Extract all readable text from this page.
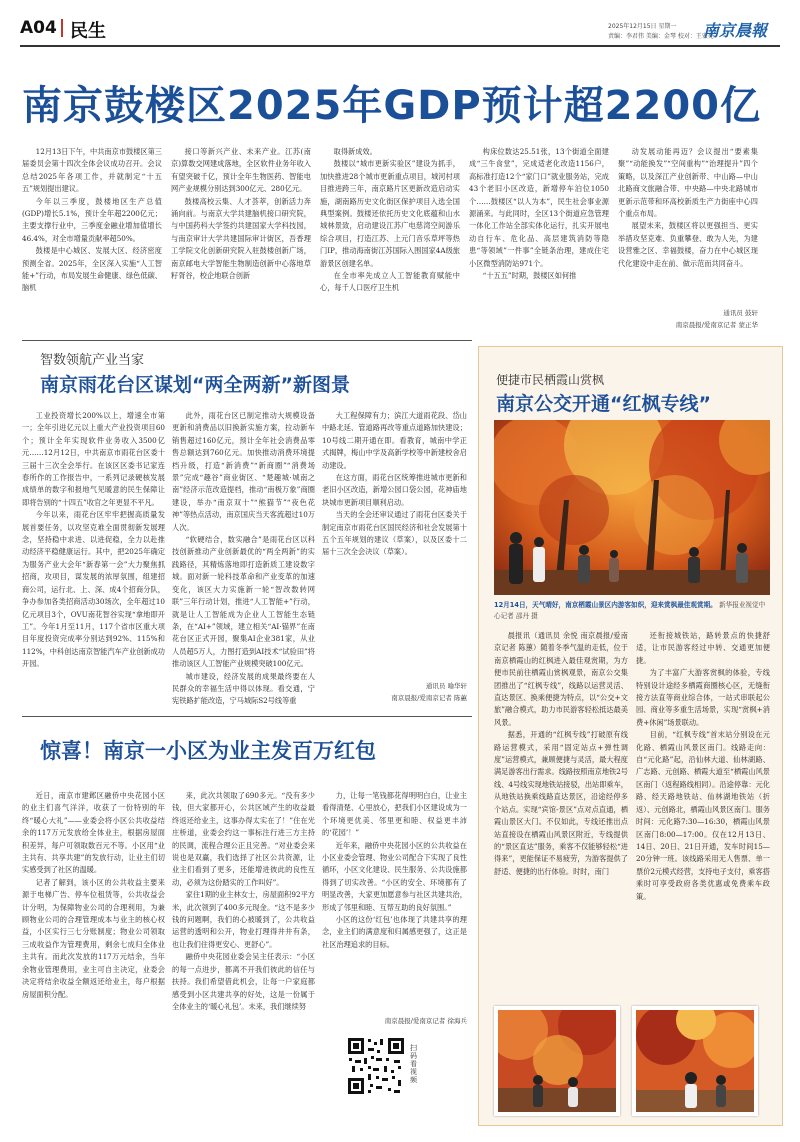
A04 民生	2025年12月15日 星期一
责编：李君伟 美编：金琴 校对：王宏亮
南京晨報
南京鼓楼区2025年GDP预计超2200亿

12月13日下午，中共南京市鼓楼区第三届委员会第十四次全体会议成功召开。会议总结2025年各项工作，并就制定“十五五”规划提出建议。

今年以三季度，鼓楼地区生产总值(GDP)增长5.1%，预计全年超2200亿元；主要支撑行业中，三季度金融业增加值增长46.4%，对全市增量贡献率超50%。

鼓楼是中心城区、发展大区、经济密度预测全省。2025年，全区深入实施“人工智能+”行动，布局发展生命健康、绿色低碳、脑机

接口等新兴产业、未来产业。江苏(南京)算数交网建成落地，全区软件业务年收入有望突破千亿，预计全年生物医药、智能电网产业规模分别达到300亿元、280亿元。

鼓楼高校云集、人才荟萃，创新活力奔涌向前。与南京大学共建脑机接口研究院，与中国药科大学签约共建国家大学科技园，与南京审计大学共建国际审计街区，吾香理工学院文化创新研究院入驻鼓楼创新广场，南京邮电大学智能生物制造创新中心落地草籽胥谷，校企地联合创新

取得新成效。

鼓楼以“城市更新实验区”建设为抓手，加快推进28个城市更新重点项目，城河村项目推进跨三年，南京路片区更新改造启动实施，湖南路历史文化街区保护项目入选全国典型案例。鼓楼还依托历史文化底蕴和山水城林景致，启动建设江苏广电慈湾空间游乐综合项目，打造江苏、上元门音乐草坪等热门IP，推动海南街江苏国际入围国家4A级旅游景区创建名单。

在全市率先成立人工智能教育赋能中心，每千人口医疗卫生机

构床位数达25.51张，13个街道全面建成“三牛食堂”，完成适老化改造1156户，高标准打造12个“家门口”就业服务站，完成43个老旧小区改造，新增停车泊位1050个……鼓楼区“以人为本”，民生社会事业源源涌来。与此同时，全区13个街道应急管理一体化工作站全部实体化运行，扎实开展电动自行车、危化品、高层建筑消防等隐患“等领域”一件事”全链条治理，建成住宅小区微型消防站971个。

“十五五”时期，鼓楼区如何推

动发展动能再迈？会议提出“要素集聚”“动能换发”“空间重构”“治理提升”四个策略，以及深江产业创新带、中山路—中山北路商文旅融合带、中央路—中央北路城市更新示范带和环高校新质生产力街座中心四个重点布局。

展望未来，鼓楼区将以更强担当、更实举措攻坚克难、负重攀登、敢为人先，为建设营雅之区、幸福鼓楼，奋力在中心城区现代化建设中走在前、做示范而共同奋斗。

通讯员 鼓轩
南京晨报/爱南京记者 蒙正华
智数领航产业当家
南京雨花台区谋划“两全两新”新图景

工业投资增长200%以上，增速全市第一；全年引进亿元以上重大产业投资项目60个；预计全年实现软件业务收入3500亿元……12月12日，中共南京市雨花台区委十三届十三次全会举行。在该区区委书记家连春所作的工作报告中，一系列记录硬核发展成绩单的数字和报地气见暖意的民生保障让即将告别的“十四五”收官之年更显不平凡。

今年以来，雨花台区牢牢把握高质量发展首要任务，以攻坚克难全面贯彻新发展理念，坚持稳中求进、以进促稳，全力以赴推动经济平稳健康运行。其中，把2025年确定为服务产业大会年“新春第一会”大力聚焦抓招商，攻项目，谋发展的浓厚氛围，组建招商公司，运行北、上、深、成4个招商分队，争办参加各类招商活动30场次，全年超过10亿元项目3个，OVU南花智谷实现“拿地即开工”。今年1月至11月，117个省市区重大项目年度投资完成率分别达到92%、115%和112%，中科创达南京智能汽车产业创新成功开园。

此外，雨花台区已制定推动大规模设备更新和消费品以旧换新实施方案，拉动新车销售超过160亿元，预计全年社会消费品零售总额达到760亿元。加快推动消费环境提档升级，打造“新消费”“新商圈”“消费场景”完成“趣谷”商业街区、“楚趣城·城南之南”经济示范改造提档，推动“南极万象”商圈建设，举办“南京双十”“熊猫节”“夜色花神”等热点活动，南京国庆当天客流超过10万人次。

“软硬结合，数实融合”是雨花台区以科技创新推动产业创新最优的“两全两新”的实践路径，其精炼落地即打造新质工建设数字城。面对新一轮科技革命和产业变革的加速变化，该区大力实施新一轮“智改数转网联”三年行动计划，推进“人工智能+”行动，就是让人工智能成为企业人工智能生态链条，在“AI+”领域，建立相关“AI·锚界”在南花台区正式开园，聚集AI企业381家，从业人员超5万人，力图打造到AI技术“试验田”将推动该区人工智能产业规模突破100亿元。

城市建设，经济发展的成果最终要在人民群众的幸福生活中得以体现。看交通，宁宪铁路扩能改造，宁马城际S2号线等重

大工程保障有力；滨江大道雨花段、岱山中路北延、管道路再改等重点道路加快建设；10号线二期开通在即。看教育，城南中学正式揭牌，梅山中学及高新学校等中新建校舍启动建设。

在这方面，雨花台区统筹推进城市更新和老旧小区改造，新增公园口袋公园，花神庙地块城市更新项目顺利启动。

当天的全会还审议通过了雨花台区委关于制定南京市雨花台区国民经济和社会发展第十五个五年规划的建议（草案），以及区委十二届十三次全会决议（草案）。

通讯员 喻华轩
南京晨报/爱南京记者 陈蕙
惊喜！南京一小区为业主发百万红包

近日，南京市建邺区融侨中央花园小区的业主们喜气洋洋，收获了一份特别的年终“暖心大礼”——业委会将小区公共收益结余的117万元发放给全体业主，根据房屋面积差异，每户可领取数百元不等。小区用“业主共有、共享共建”的发放行动，让业主们切实感受到了社区的温暖。

记者了解到，该小区的公共收益主要来源于电梯广告、停车位租赁等，公共收益会计分明，为保障物业公司的合理利用，为兼顾物业公司的合理管理成本与业主的核心权益，小区实行三七分账制度；物业公司领取三成收益作为管理费用，剩余七成归全体业主共有。而此次发放的117万元结余，当年余物业管理费用，业主可自主决定，业委会决定将结余收益全额返还给业主，每户根据房屋面积分配。

来，此次共领取了690多元。“没有多少钱，但大家都开心，公共区域产生的收益最终返还给业主，这事办得太实在了！”住在光庄桥道，业委会约这一事标注行进三方主持的民调，流程合理公正且完善。“对业委会来说也是双赢，我们选择了社区公共资源，让业主们看到了更多，还能增进彼此的良性互动，必须为这份踏实的工作叫好”。

家住1期的业主林女士，房屋面积92平方米，此次领到了400多元现金。“这不是多少钱的问题啊，我们的心被暖到了，公共收益运营的透明和公开，物业打理得井井有条，也让我们住得更安心、更舒心”。

融侨中央花园业委会吴主任表示：“小区的每一点进步，都离不开我们彼此的信任与扶持。我们希望借此机会，让每一户家庭都感受到小区共建共享的好处，这是一份属于全体业主的‘暖心礼包’。未来，我们继续努

力，让每一笔钱都花得明明白白，让业主看得清楚、心里放心，把我们小区建设成为一个环境更优美、邻里更和睦、权益更丰沛的‘花园’！”

近年来，融侨中央花园小区的公共收益在小区业委会管理、物业公司配合下实现了良性循环，小区文化建设、民生服务、公共设施都得到了切实改善。“小区的安全、环境都有了明显改善，大家更加愿意参与社区共建共治，形成了邻里和睦、互帮互助的良好氛围。”

小区的这份‘红包’也体现了共建共享的理念，业主们的满意度和归属感更强了，这正是社区治理追求的目标。

南京晨报/爱南京记者 徐海兵
扫码看视频
便捷市民栖霞山赏枫
南京公交开通“红枫专线”
12月14日，天气晴好，南京栖霞山景区内游客如织，迎来赏枫最佳观赏期。 新华报业视觉中心记者 邵丹 摄

晨报讯（通讯员 余悦 南京晨报/爱南京记者 陈蕙）随着冬季气温的走低，位于南京栖霞山的红枫进入最佳观赏期，为方便市民前往栖霞山赏枫观景，南京公交集团推出了“红枫专线”，线路以运营灵活、直达景区、换乘便捷为特点，以“公交+文旅”融合模式，助力市民游客轻松抵达最美风景。

据悉，开通的“红枫专线”打破原有线路运营模式，采用“固定站点+弹性调度”运营模式，兼顾便捷与灵活，最大程度满足游客出行需求。线路按照南京地铁2号线、4号线实现地铁站接驳，出站即乘车，从地铁站换乘线路直达景区，沿途经停多个站点。实现“宾馆-景区”点对点直通，栖霞山景区大门。不仅如此，专线还推出点站直接设在栖霞山风景区附近，专线提供的“景区直达”服务，乘客不仅能够轻松“进得来”，更能保证不易疲劳，为游客提供了舒适、便捷的出行体验。时时，南门

还衔接城铁站，路转景点的快捷舒适，让市民游客经过中转、交通更加便捷。

为了丰富广大游客赏枫的体验，专线特别设计途经多栖霞商圈核心区，无缝衔接方法直等商业综合体，一站式串联起公园、商业等多重生活场景，实现“赏枫+消费+休闲”场景联动。

目前，“红枫专线”首末站分别设在元化路、栖霞山风景区南门。线路走向：自“元化路”起，沿仙林大道、仙林湖路、广志路、元创路、栖霞大道至“栖霞山风景区南门（返程路线相同）。沿途停靠：元化路、经天路地铁站、仙林湖地铁站（折返）、元创路北，栖霞山风景区南门。服务时间：元化路7:30—16:30，栖霞山风景区南门8:00—17:00。仅在12月13日、14日、20日、21日开通，发车时间15—20分钟一班。该线路采用无人售票、单一票价2元模式经营，支持电子支付，乘客搭乘时可享受政府各类优惠或免费乘车政策。
